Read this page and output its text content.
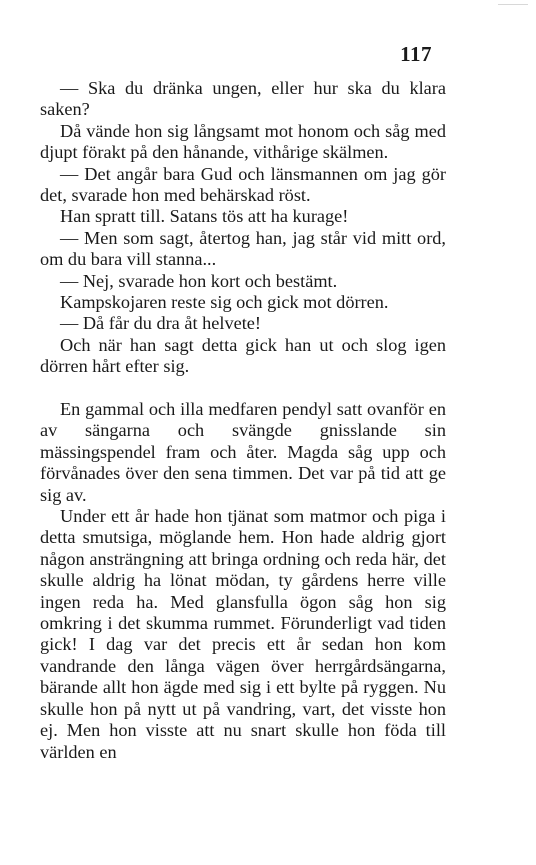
117

— Ska du dränka ungen, eller hur ska du klara saken?

Då vände hon sig långsamt mot honom och såg med djupt förakt på den hånande, vithårige skälmen.

— Det angår bara Gud och länsmannen om jag gör det, svarade hon med behärskad röst.

Han spratt till. Satans tös att ha kurage!

— Men som sagt, återtog han, jag står vid mitt ord, om du bara vill stanna...

— Nej, svarade hon kort och bestämt.

Kampskojaren reste sig och gick mot dörren.

— Då får du dra åt helvete!

Och när han sagt detta gick han ut och slog igen dörren hårt efter sig.

En gammal och illa medfaren pendyl satt ovanför en av sängarna och svängde gnisslande sin mässingspendel fram och åter. Magda såg upp och förvånades över den sena timmen. Det var på tid att ge sig av.

Under ett år hade hon tjänat som matmor och piga i detta smutsiga, möglande hem. Hon hade aldrig gjort någon ansträngning att bringa ordning och reda här, det skulle aldrig ha lönat mödan, ty gårdens herre ville ingen reda ha. Med glansfulla ögon såg hon sig omkring i det skumma rummet. Förunderligt vad tiden gick! I dag var det precis ett år sedan hon kom vandrande den långa vägen över herrgårdsängarna, bärande allt hon ägde med sig i ett bylte på ryggen. Nu skulle hon på nytt ut på vandring, vart, det visste hon ej. Men hon visste att nu snart skulle hon föda till världen en
